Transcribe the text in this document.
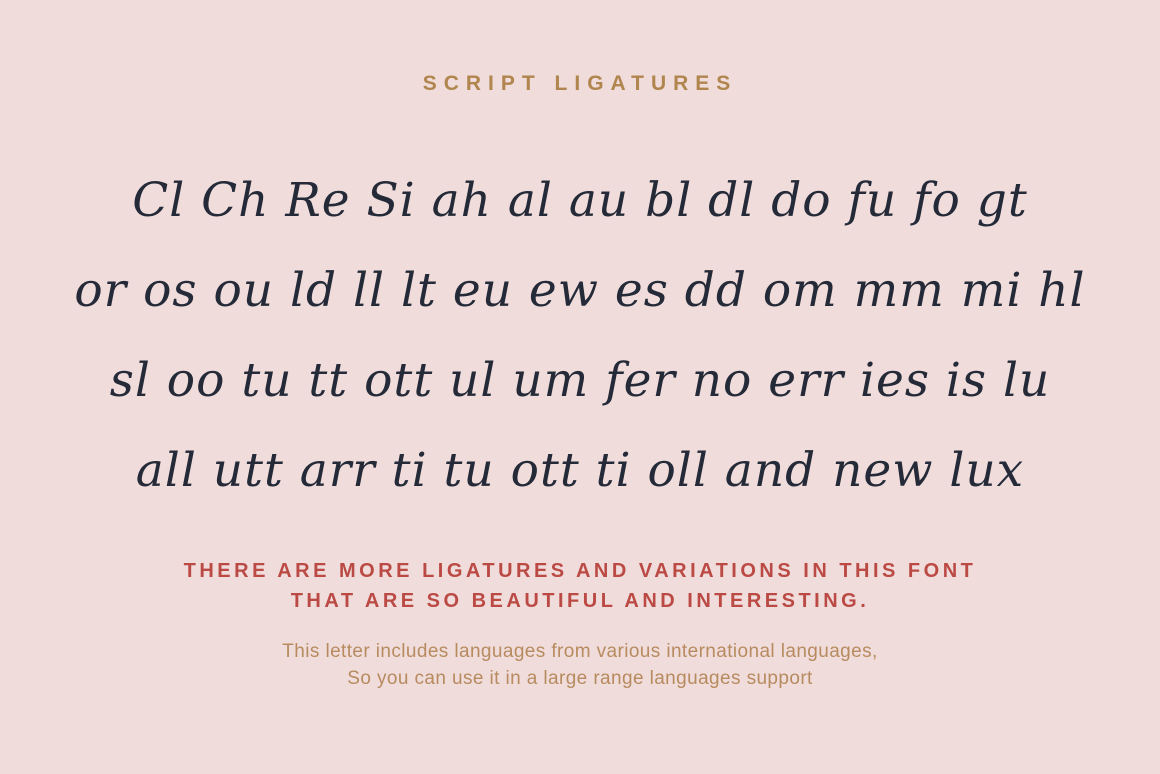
SCRIPT LIGATURES
Cl Ch Re Si ah al au bl dl do fu fo gt
or os ou ld ll lt eu ew es dd om mm mi hl
sl oo tu tt ott ul um fer no err ies is lu
all utt arr ti tu ott ti oll and new lux
THERE ARE MORE LIGATURES AND VARIATIONS IN THIS FONT
THAT ARE SO BEAUTIFUL AND INTERESTING.
This letter includes languages from various international languages,
So you can use it in a large range languages support
